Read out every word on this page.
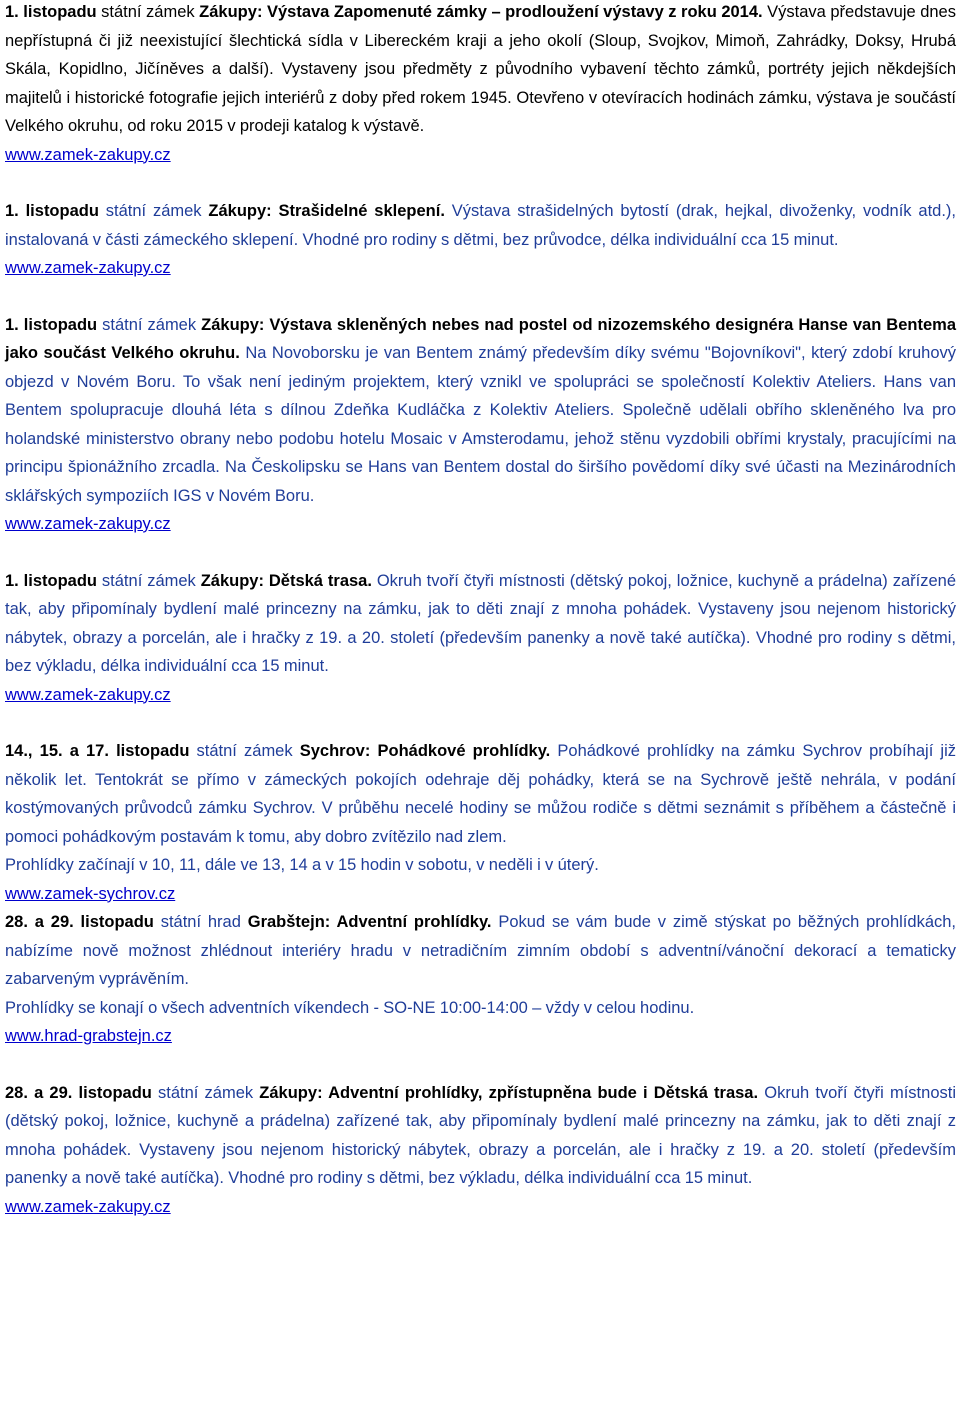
1. listopadu státní zámek Zákupy: Výstava Zapomenuté zámky – prodloužení výstavy z roku 2014. Výstava představuje dnes nepřístupná či již neexistující šlechtická sídla v Libereckém kraji a jeho okolí (Sloup, Svojkov, Mimoň, Zahrádky, Doksy, Hrubá Skála, Kopidlno, Jičíněves a další). Vystaveny jsou předměty z původního vybavení těchto zámků, portréty jejich někdejších majitelů i historické fotografie jejich interiérů z doby před rokem 1945. Otevřeno v otevíracích hodinách zámku, výstava je součástí Velkého okruhu, od roku 2015 v prodeji katalog k výstavě.

www.zamek-zakupy.cz

1. listopadu státní zámek Zákupy: Strašidelné sklepení. Výstava strašidelných bytostí (drak, hejkal, divoženky, vodník atd.), instalovaná v části zámeckého sklepení. Vhodné pro rodiny s dětmi, bez průvodce, délka individuální cca 15 minut.

www.zamek-zakupy.cz

1. listopadu státní zámek Zákupy: Výstava skleněných nebes nad postel od nizozemského designéra Hanse van Bentema jako součást Velkého okruhu. Na Novoborsku je van Bentem známý především díky svému "Bojovníkovi", který zdobí kruhový objezd v Novém Boru. To však není jediným projektem, který vznikl ve spolupráci se společností Kolektiv Ateliers. Hans van Bentem spolupracuje dlouhá léta s dílnou Zdeňka Kudláčka z Kolektiv Ateliers. Společně udělali obřího skleněného lva pro holandské ministerstvo obrany nebo podobu hotelu Mosaic v Amsterodamu, jehož stěnu vyzdobili obřími krystaly, pracujícími na principu špionážního zrcadla. Na Českolipsku se Hans van Bentem dostal do širšího povědomí díky své účasti na Mezinárodních sklářských sympoziích IGS v Novém Boru.

www.zamek-zakupy.cz

1. listopadu státní zámek Zákupy: Dětská trasa. Okruh tvoří čtyři místnosti (dětský pokoj, ložnice, kuchyně a prádelna) zařízené tak, aby připomínaly bydlení malé princezny na zámku, jak to děti znají z mnoha pohádek. Vystaveny jsou nejenom historický nábytek, obrazy a porcelán, ale i hračky z 19. a 20. století (především panenky a nově také autíčka). Vhodné pro rodiny s dětmi, bez výkladu, délka individuální cca 15 minut.

www.zamek-zakupy.cz

14., 15. a 17. listopadu státní zámek Sychrov: Pohádkové prohlídky. Pohádkové prohlídky na zámku Sychrov probíhají již několik let. Tentokrát se přímo v zámeckých pokojích odehraje děj pohádky, která se na Sychrově ještě nehrála, v podání kostýmovaných průvodců zámku Sychrov. V průběhu necelé hodiny se můžou rodiče s dětmi seznámit s příběhem a částečně i pomoci pohádkovým postavám k tomu, aby dobro zvítězilo nad zlem.

Prohlídky začínají v 10, 11, dále ve 13, 14 a v 15 hodin v sobotu, v neděli i v úterý.

www.zamek-sychrov.cz

28. a 29. listopadu státní hrad Grabštejn: Adventní prohlídky. Pokud se vám bude v zimě stýskat po běžných prohlídkách, nabízíme nově možnost zhlédnout interiéry hradu v netradičním zimním období s adventní/vánoční dekorací a tematicky zabarveným vyprávěním.

Prohlídky se konají o všech adventních víkendech - SO-NE 10:00-14:00 – vždy v celou hodinu.

www.hrad-grabstejn.cz

28. a 29. listopadu státní zámek Zákupy: Adventní prohlídky, zpřístupněna bude i Dětská trasa. Okruh tvoří čtyři místnosti (dětský pokoj, ložnice, kuchyně a prádelna) zařízené tak, aby připomínaly bydlení malé princezny na zámku, jak to děti znají z mnoha pohádek. Vystaveny jsou nejenom historický nábytek, obrazy a porcelán, ale i hračky z 19. a 20. století (především panenky a nově také autíčka). Vhodné pro rodiny s dětmi, bez výkladu, délka individuální cca 15 minut.

www.zamek-zakupy.cz
